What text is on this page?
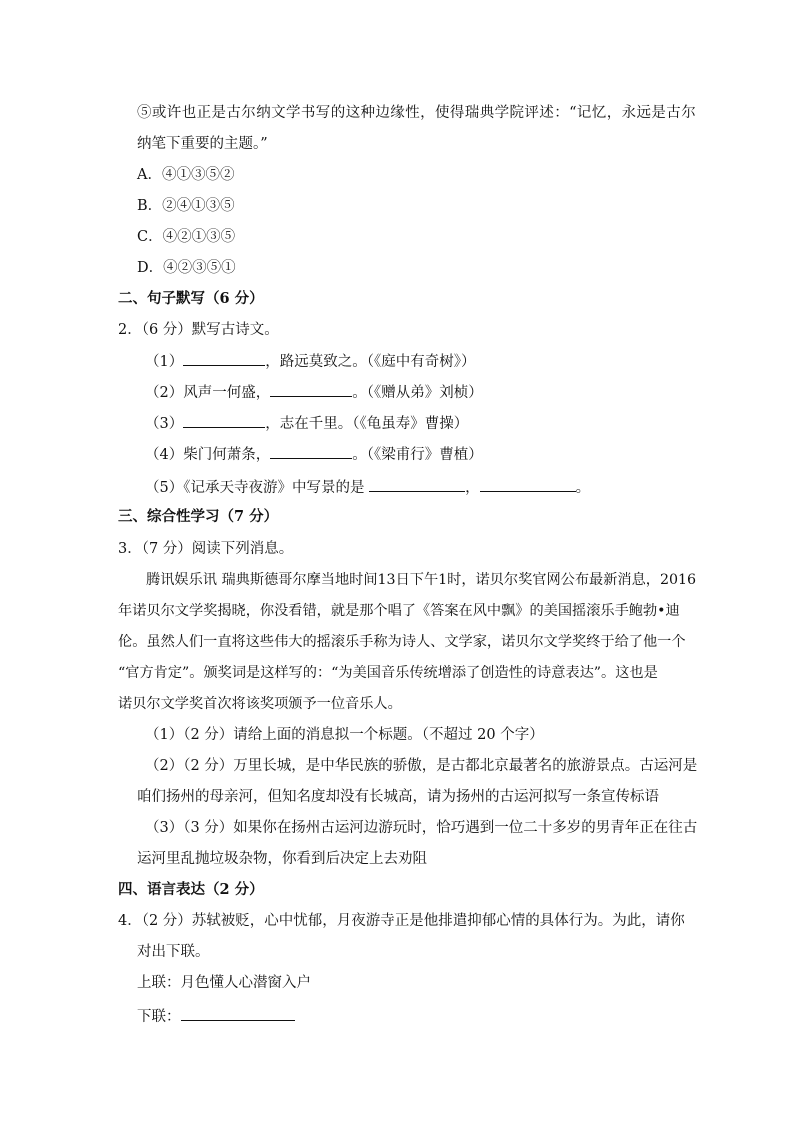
⑤或许也正是古尔纳文学书写的这种边缘性，使得瑞典学院评述：“记忆，永远是古尔
纳笔下重要的主题。”
A．④①③⑤②
B．②④①③⑤
C．④②①③⑤
D．④②③⑤①
二、句子默写（6 分）
2．（6 分）默写古诗文。
（1）	，路远莫致之。（《庭中有奇树》）
（2）风声一何盛，	。（《赠从弟》刘桢）
（3）	，志在千里。（《龟虽寿》曹操）
（4）柴门何萧条，	。（《梁甫行》曹植）
（5）《记承天寺夜游》中写景的是	，	。
三、综合性学习（7 分）
3．（7 分）阅读下列消息。
腾讯娱乐讯 瑞典斯德哥尔摩当地时间13日下午1时，诺贝尔奖官网公布最新消息，2016
年诺贝尔文学奖揭晓，你没看错，就是那个唱了《答案在风中飘》的美国摇滚乐手鲍勃•迪
伦。虽然人们一直将这些伟大的摇滚乐手称为诗人、文学家，诺贝尔文学奖终于给了他一个
“官方肯定”。颁奖词是这样写的：“为美国音乐传统增添了创造性的诗意表达”。这也是
诺贝尔文学奖首次将该奖项颁予一位音乐人。
（1）（2 分）请给上面的消息拟一个标题。（不超过 20 个字）
（2）（2 分）万里长城，是中华民族的骄傲，是古都北京最著名的旅游景点。古运河是
咱们扬州的母亲河，但知名度却没有长城高，请为扬州的古运河拟写一条宣传标语
（3）（3 分）如果你在扬州古运河边游玩时，恰巧遇到一位二十多岁的男青年正在往古
运河里乱抛垃圾杂物，你看到后决定上去劝阻
四、语言表达（2 分）
4．（2 分）苏轼被贬，心中忧郁，月夜游寺正是他排遣抑郁心情的具体行为。为此，请你
对出下联。
上联：月色懂人心潜窗入户
下联：
